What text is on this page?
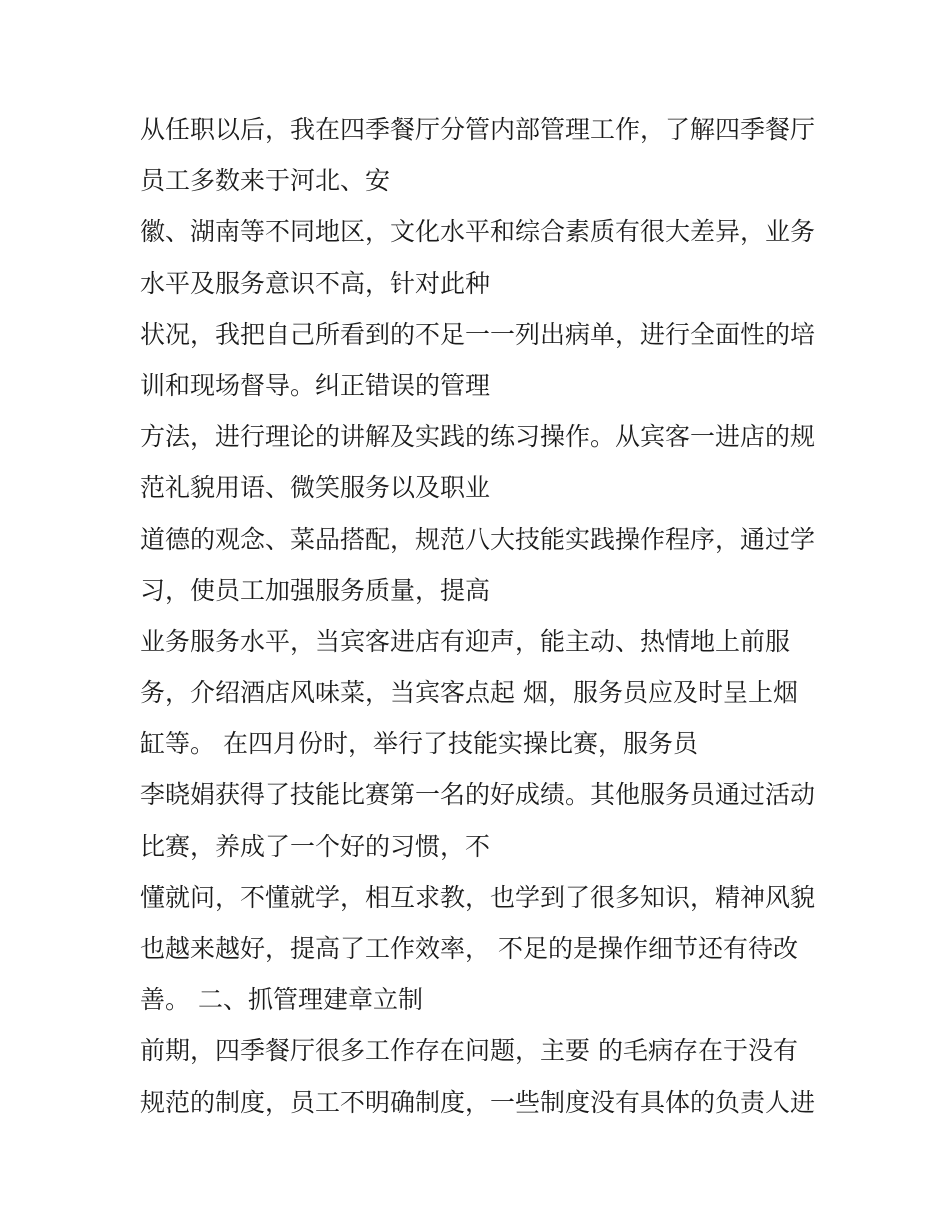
从任职以后，我在四季餐厅分管内部管理工作，了解四季餐厅
员工多数来于河北、安
徽、湖南等不同地区，文化水平和综合素质有很大差异，业务
水平及服务意识不高，针对此种
状况，我把自己所看到的不足一一列出病单，进行全面性的培
训和现场督导。纠正错误的管理
方法，进行理论的讲解及实践的练习操作。从宾客一进店的规
范礼貌用语、微笑服务以及职业
道德的观念、菜品搭配，规范八大技能实践操作程序，通过学
习，使员工加强服务质量，提高
业务服务水平，当宾客进店有迎声，能主动、热情地上前服
务，介绍酒店风味菜，当宾客点起 烟，服务员应及时呈上烟
缸等。 在四月份时，举行了技能实操比赛，服务员
李晓娟获得了技能比赛第一名的好成绩。其他服务员通过活动
比赛，养成了一个好的习惯，不
懂就问，不懂就学，相互求教，也学到了很多知识，精神风貌
也越来越好，提高了工作效率， 不足的是操作细节还有待改
善。 二、抓管理建章立制
前期，四季餐厅很多工作存在问题，主要 的毛病存在于没有
规范的制度，员工不明确制度，一些制度没有具体的负责人进
